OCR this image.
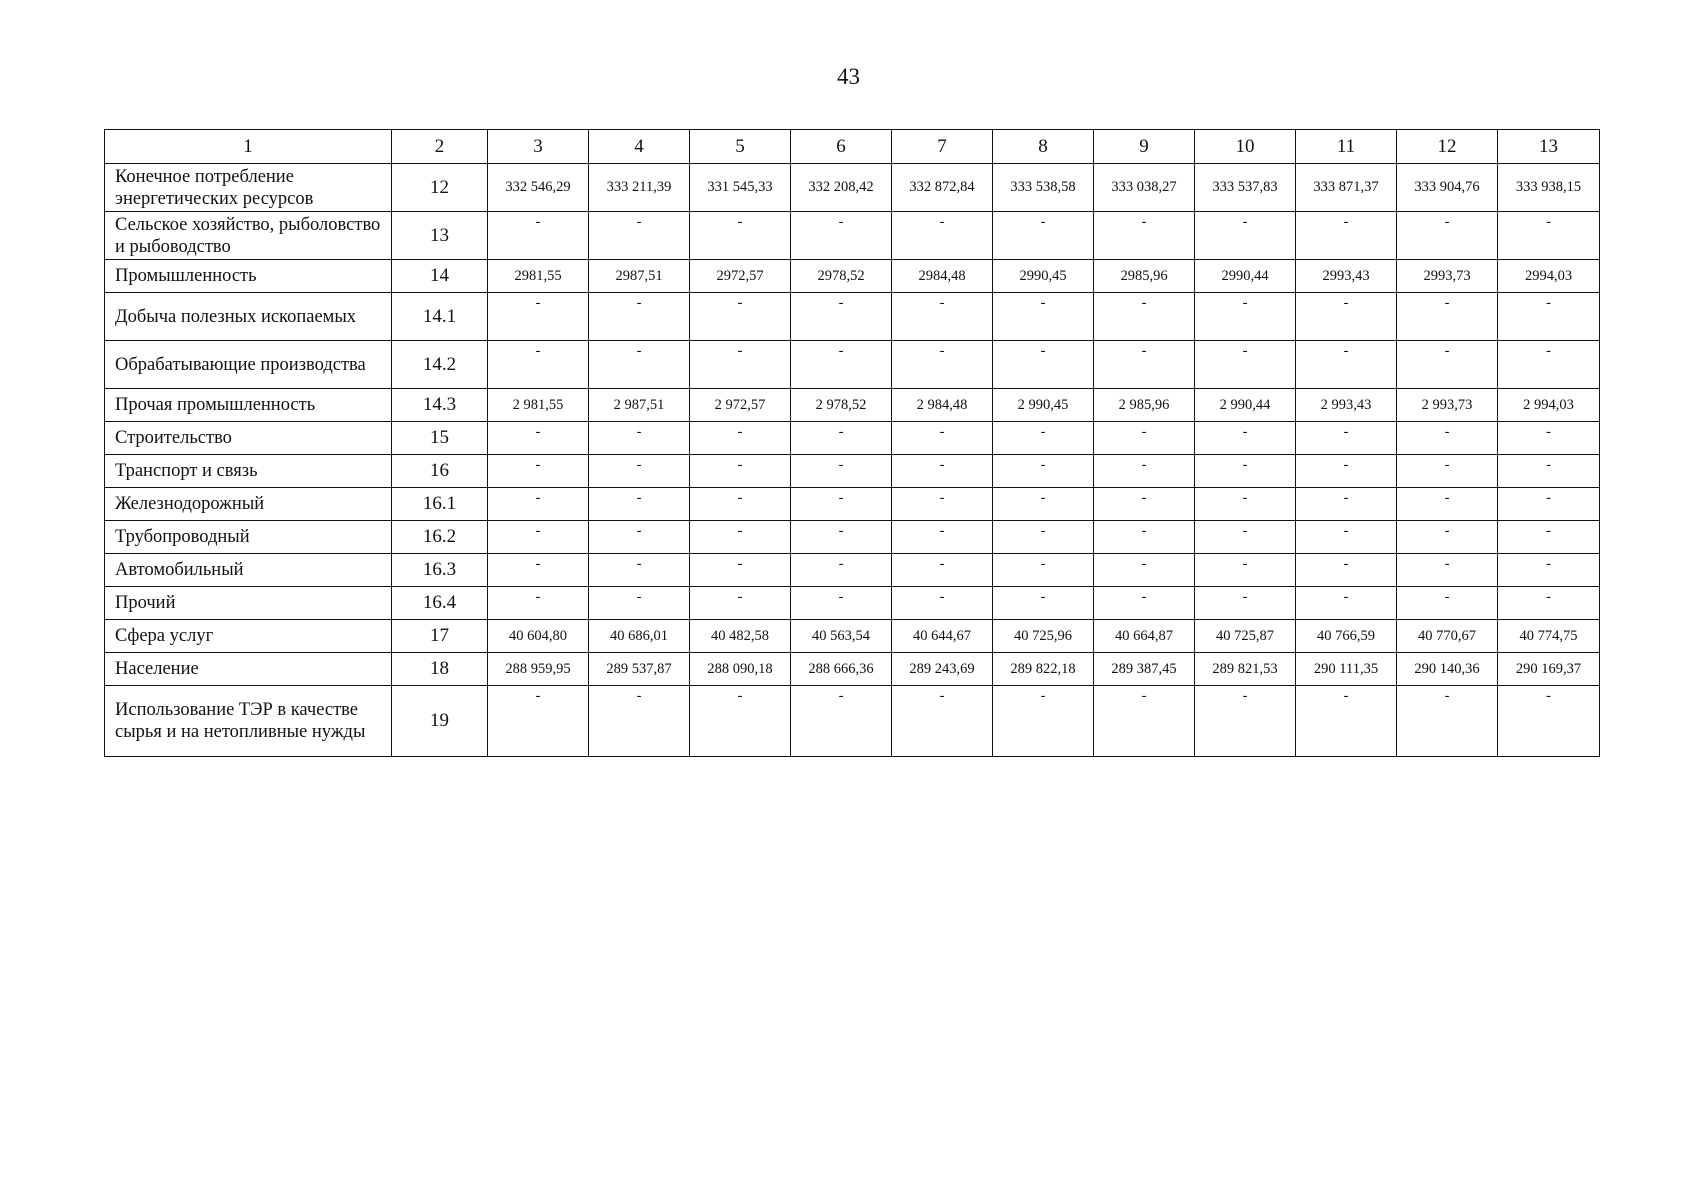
43
1	2	3	4	5	6	7	8	9	10	11	12	13
Конечное потребление энергетических ресурсов	12	332 546,29	333 211,39	331 545,33	332 208,42	332 872,84	333 538,58	333 038,27	333 537,83	333 871,37	333 904,76	333 938,15
Сельское хозяйство, рыболовство и рыбоводство	13	-	-	-	-	-	-	-	-	-	-	-
Промышленность	14	2981,55	2987,51	2972,57	2978,52	2984,48	2990,45	2985,96	2990,44	2993,43	2993,73	2994,03
Добыча полезных ископаемых	14.1	-	-	-	-	-	-	-	-	-	-	-
Обрабатывающие производства	14.2	-	-	-	-	-	-	-	-	-	-	-
Прочая промышленность	14.3	2 981,55	2 987,51	2 972,57	2 978,52	2 984,48	2 990,45	2 985,96	2 990,44	2 993,43	2 993,73	2 994,03
Строительство	15	-	-	-	-	-	-	-	-	-	-	-
Транспорт и связь	16	-	-	-	-	-	-	-	-	-	-	-
Железнодорожный	16.1	-	-	-	-	-	-	-	-	-	-	-
Трубопроводный	16.2	-	-	-	-	-	-	-	-	-	-	-
Автомобильный	16.3	-	-	-	-	-	-	-	-	-	-	-
Прочий	16.4	-	-	-	-	-	-	-	-	-	-	-
Сфера услуг	17	40 604,80	40 686,01	40 482,58	40 563,54	40 644,67	40 725,96	40 664,87	40 725,87	40 766,59	40 770,67	40 774,75
Население	18	288 959,95	289 537,87	288 090,18	288 666,36	289 243,69	289 822,18	289 387,45	289 821,53	290 111,35	290 140,36	290 169,37
Использование ТЭР в качестве сырья и на нетопливные нужды	19	-	-	-	-	-	-	-	-	-	-	-
